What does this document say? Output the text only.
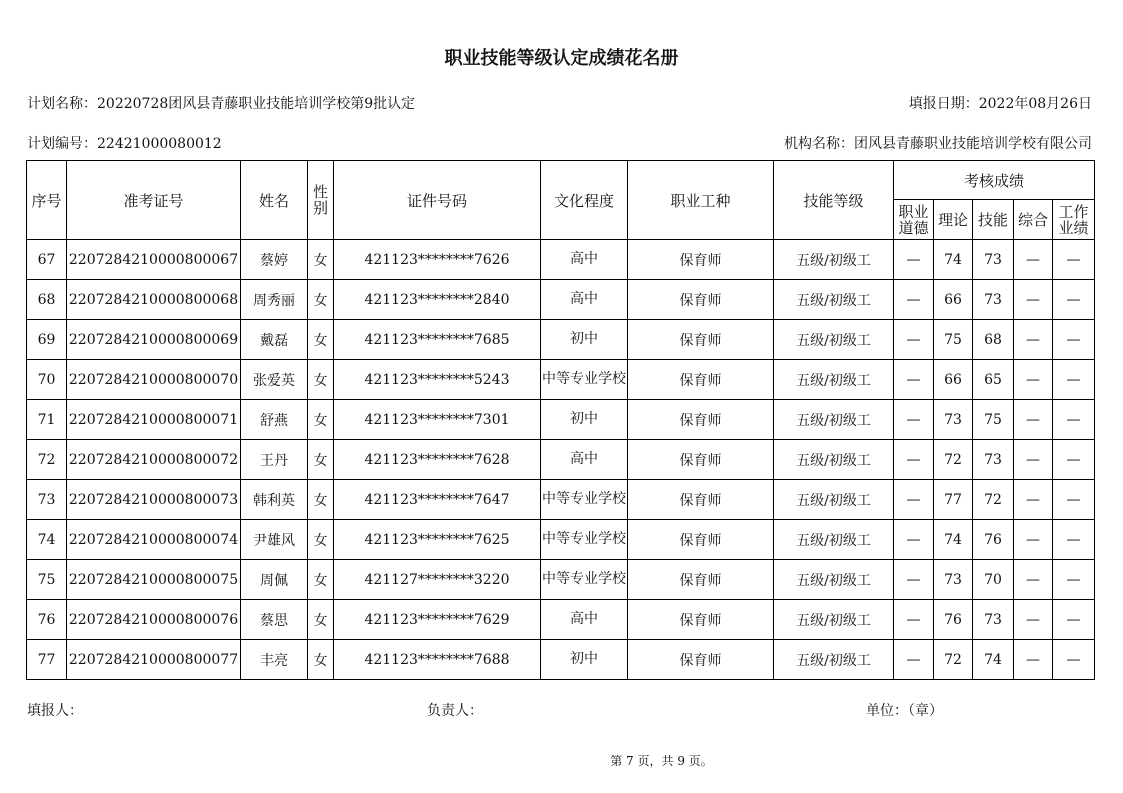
职业技能等级认定成绩花名册
计划名称：20220728团风县青藤职业技能培训学校第9批认定	填报日期：2022年08月26日
计划编号：22421000080012	机构名称：团风县青藤职业技能培训学校有限公司
序号	准考证号	姓名	性别	证件号码	文化程度	职业工种	技能等级	考核成绩				
								职业道德	理论	技能	综合	工作业绩
67	2207284210000800067	蔡婷	女	421123********7626	高中	保育师	五级/初级工	—	74	73	—	—
68	2207284210000800068	周秀丽	女	421123********2840	高中	保育师	五级/初级工	—	66	73	—	—
69	2207284210000800069	戴磊	女	421123********7685	初中	保育师	五级/初级工	—	75	68	—	—
70	2207284210000800070	张爱英	女	421123********5243	中等专业学校	保育师	五级/初级工	—	66	65	—	—
71	2207284210000800071	舒燕	女	421123********7301	初中	保育师	五级/初级工	—	73	75	—	—
72	2207284210000800072	王丹	女	421123********7628	高中	保育师	五级/初级工	—	72	73	—	—
73	2207284210000800073	韩利英	女	421123********7647	中等专业学校	保育师	五级/初级工	—	77	72	—	—
74	2207284210000800074	尹雄风	女	421123********7625	中等专业学校	保育师	五级/初级工	—	74	76	—	—
75	2207284210000800075	周佩	女	421127********3220	中等专业学校	保育师	五级/初级工	—	73	70	—	—
76	2207284210000800076	蔡思	女	421123********7629	高中	保育师	五级/初级工	—	76	73	—	—
77	2207284210000800077	丰亮	女	421123********7688	初中	保育师	五级/初级工	—	72	74	—	—
填报人：	负责人：	单位：（章）
第 7 页，共 9 页。
